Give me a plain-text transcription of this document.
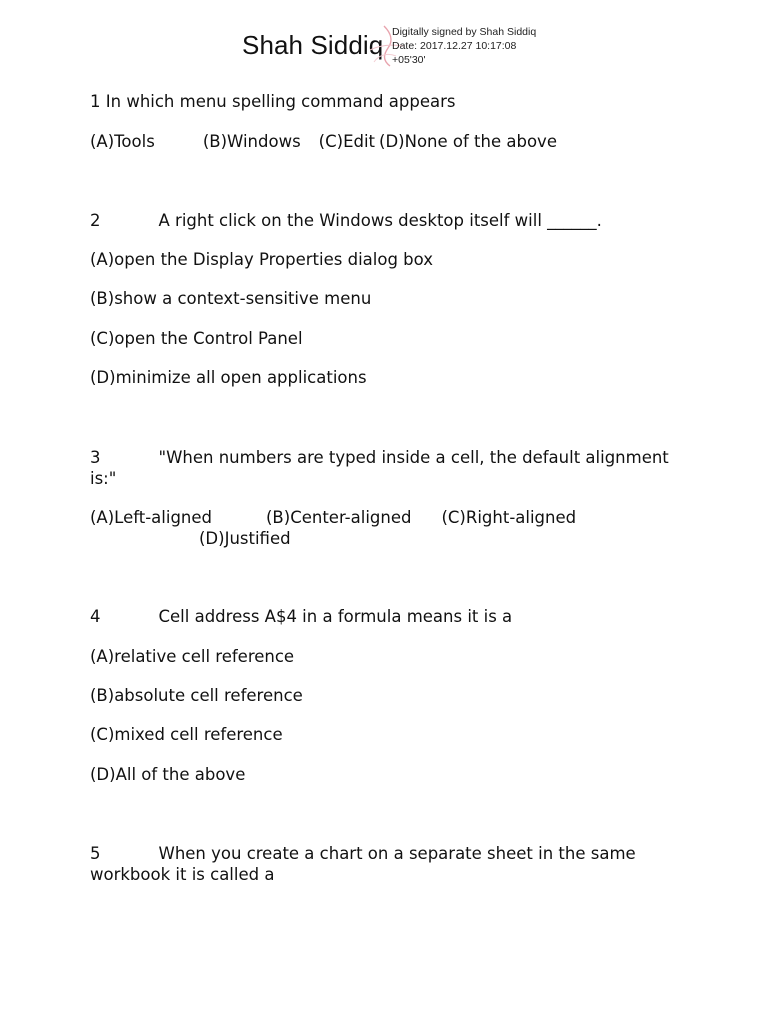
Shah Siddiq Digitally signed by Shah Siddiq
Date: 2017.12.27 10:17:08
+05'30'
1 In which menu spelling command appears
(A)Tools	(B)Windows (C)Edit (D)None of the above
2	A right click on the Windows desktop itself will ______.
(A)open the Display Properties dialog box
(B)show a context-sensitive menu
(C)open the Control Panel
(D)minimize all open applications
3	"When numbers are typed inside a cell, the default alignment is:"
(A)Left-aligned	(B)Center-aligned (C)Right-aligned
(D)Justified
4	Cell address A$4 in a formula means it is a
(A)relative cell reference
(B)absolute cell reference
(C)mixed cell reference
(D)All of the above
5	When you create a chart on a separate sheet in the same workbook it is called a
